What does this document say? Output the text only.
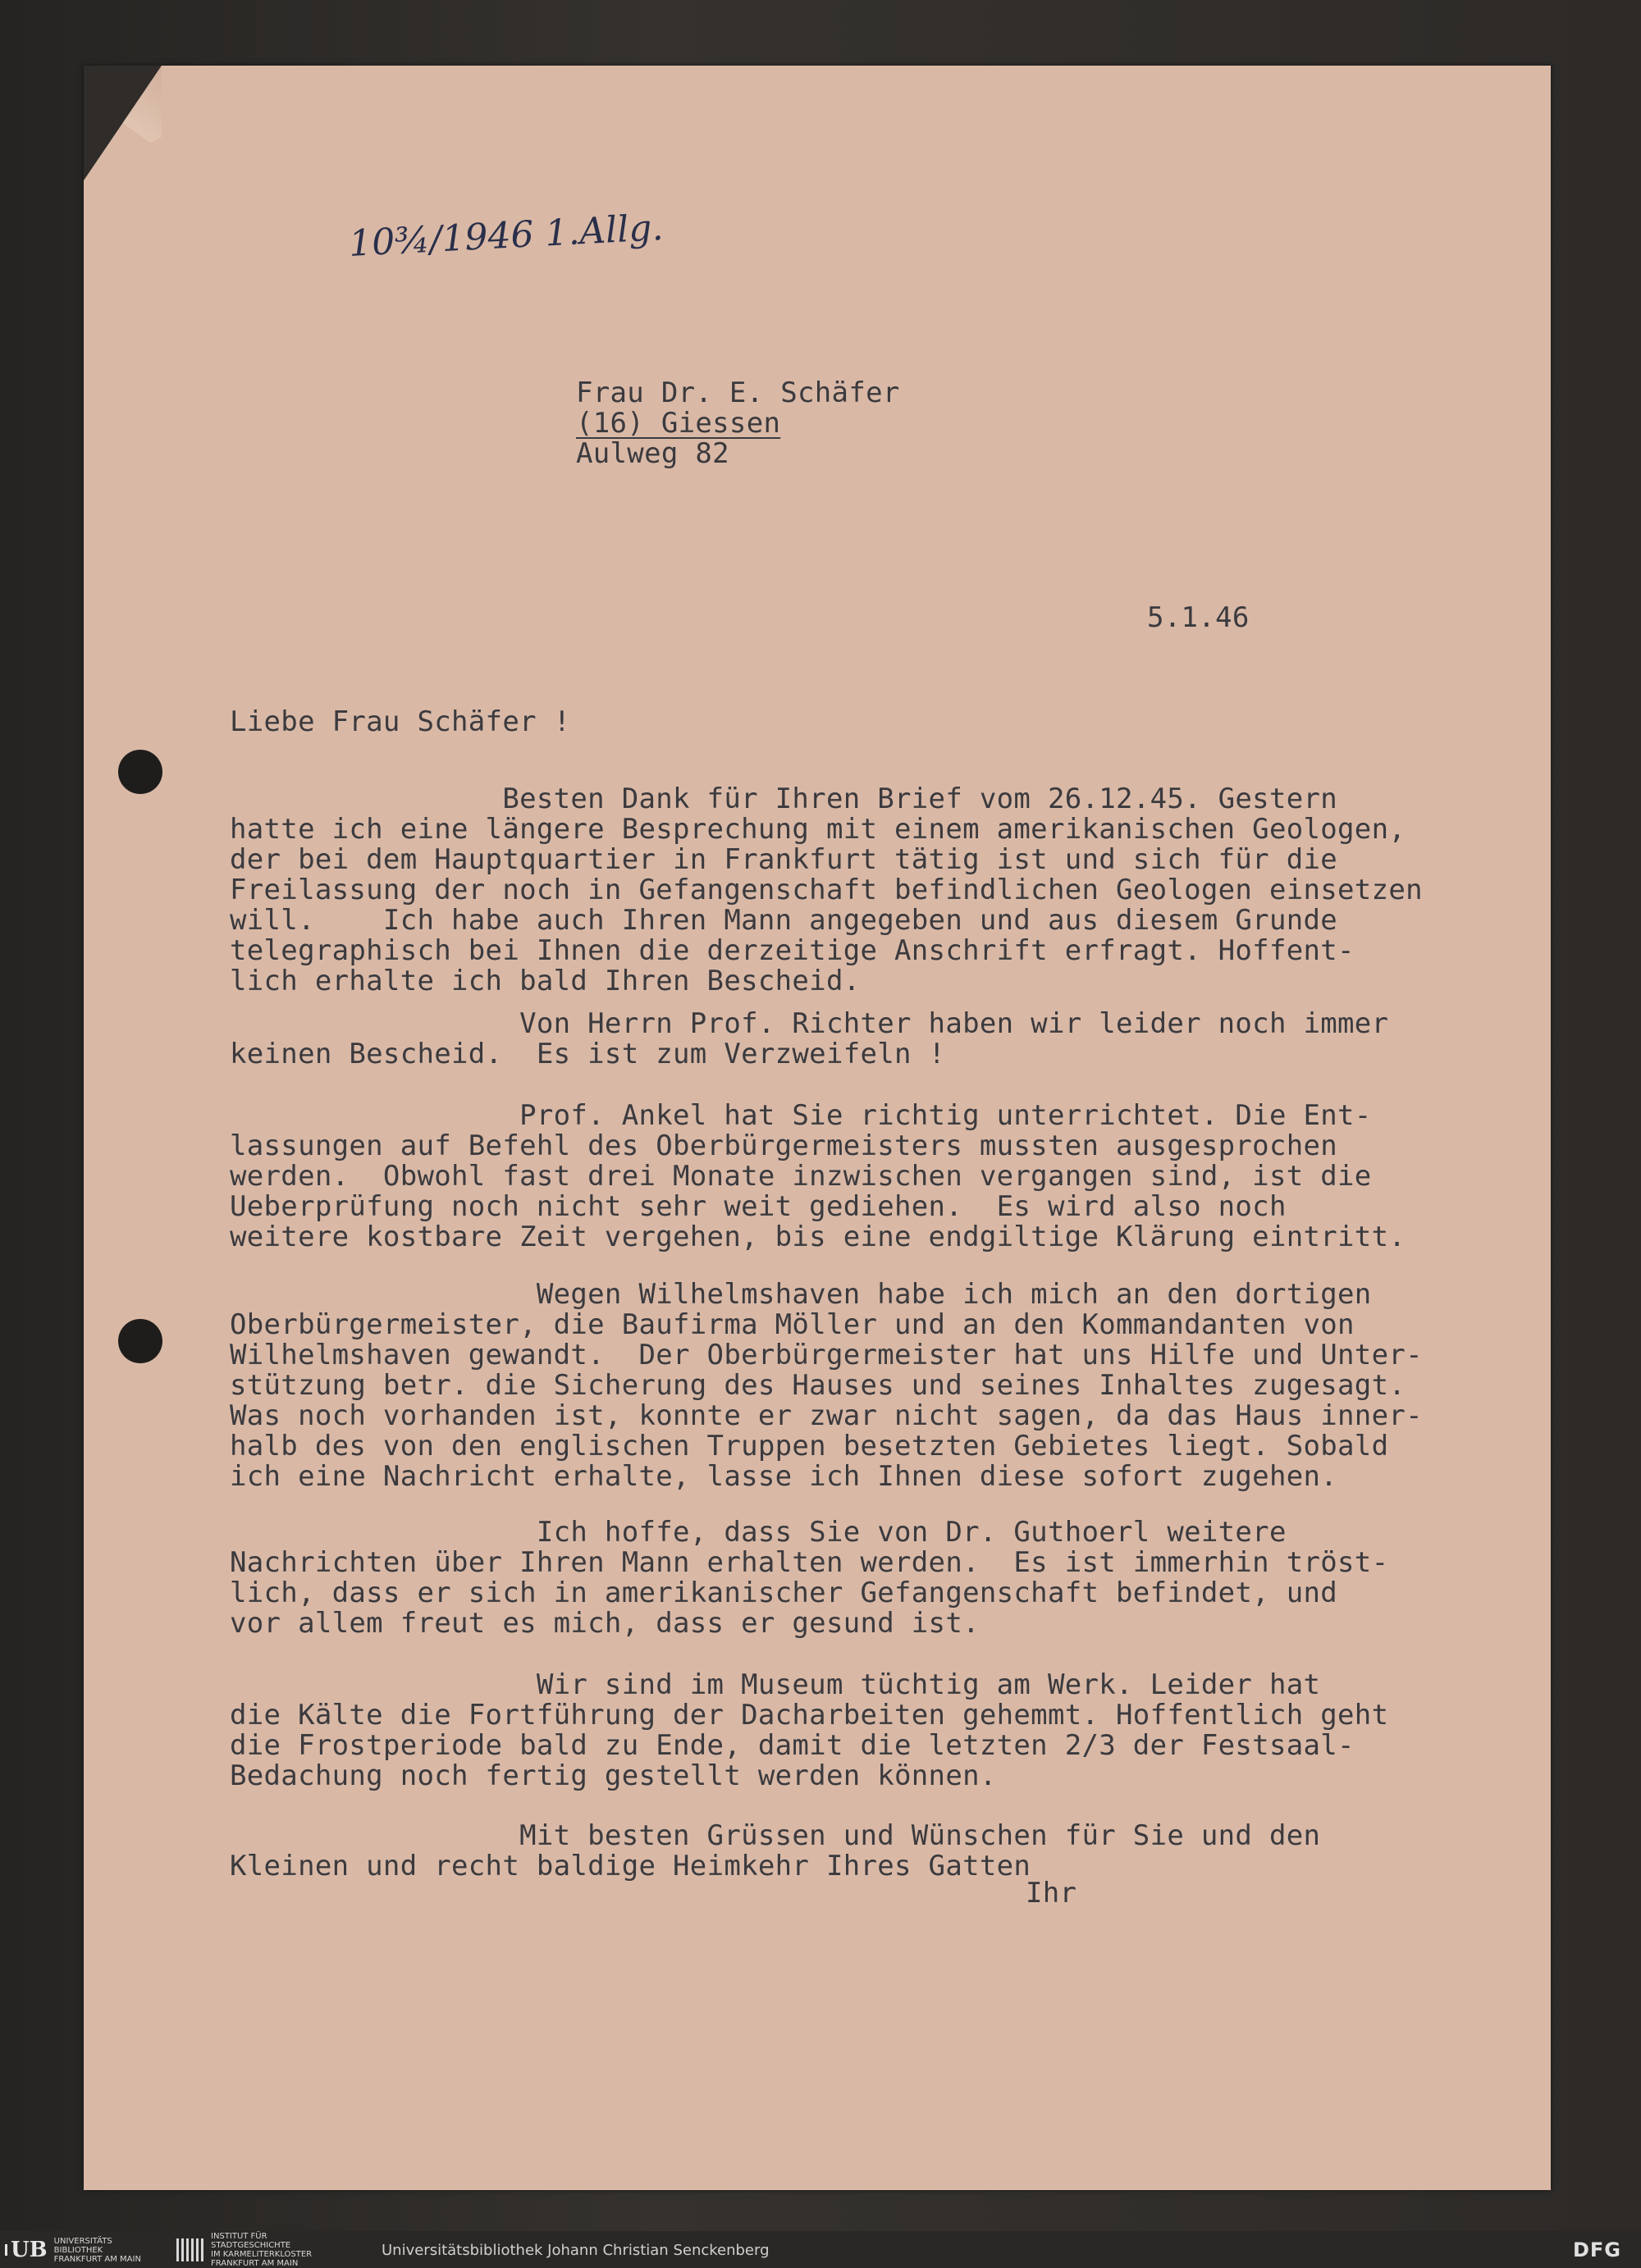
10¾/1946 1.Allg.
Frau Dr. E. Schäfer
(16) Giessen
Aulweg 82
5.1.46
Liebe Frau Schäfer !
Besten Dank für Ihren Brief vom 26.12.45. Gestern
hatte ich eine längere Besprechung mit einem amerikanischen Geologen,
der bei dem Hauptquartier in Frankfurt tätig ist und sich für die
Freilassung der noch in Gefangenschaft befindlichen Geologen einsetzen
will.    Ich habe auch Ihren Mann angegeben und aus diesem Grunde
telegraphisch bei Ihnen die derzeitige Anschrift erfragt. Hoffent-
lich erhalte ich bald Ihren Bescheid.
Von Herrn Prof. Richter haben wir leider noch immer
keinen Bescheid.  Es ist zum Verzweifeln !
Prof. Ankel hat Sie richtig unterrichtet. Die Ent-
lassungen auf Befehl des Oberbürgermeisters mussten ausgesprochen
werden.  Obwohl fast drei Monate inzwischen vergangen sind, ist die
Ueberprüfung noch nicht sehr weit gediehen.  Es wird also noch
weitere kostbare Zeit vergehen, bis eine endgiltige Klärung eintritt.
Wegen Wilhelmshaven habe ich mich an den dortigen
Oberbürgermeister, die Baufirma Möller und an den Kommandanten von
Wilhelmshaven gewandt.  Der Oberbürgermeister hat uns Hilfe und Unter-
stützung betr. die Sicherung des Hauses und seines Inhaltes zugesagt.
Was noch vorhanden ist, konnte er zwar nicht sagen, da das Haus inner-
halb des von den englischen Truppen besetzten Gebietes liegt. Sobald
ich eine Nachricht erhalte, lasse ich Ihnen diese sofort zugehen.
Ich hoffe, dass Sie von Dr. Guthoerl weitere
Nachrichten über Ihren Mann erhalten werden.  Es ist immerhin tröst-
lich, dass er sich in amerikanischer Gefangenschaft befindet, und
vor allem freut es mich, dass er gesund ist.
Wir sind im Museum tüchtig am Werk. Leider hat
die Kälte die Fortführung der Dacharbeiten gehemmt. Hoffentlich geht
die Frostperiode bald zu Ende, damit die letzten 2/3 der Festsaal-
Bedachung noch fertig gestellt werden können.
Mit besten Grüssen und Wünschen für Sie und den
Kleinen und recht baldige Heimkehr Ihres Gatten
Ihr
UB UNIVERSITÄTS
BIBLIOTHEK
FRANKFURT AM MAIN
INSTITUT FÜR
STADTGESCHICHTE
IM KARMELITERKLOSTER
FRANKFURT AM MAIN
Universitätsbibliothek Johann Christian Senckenberg	DFG
